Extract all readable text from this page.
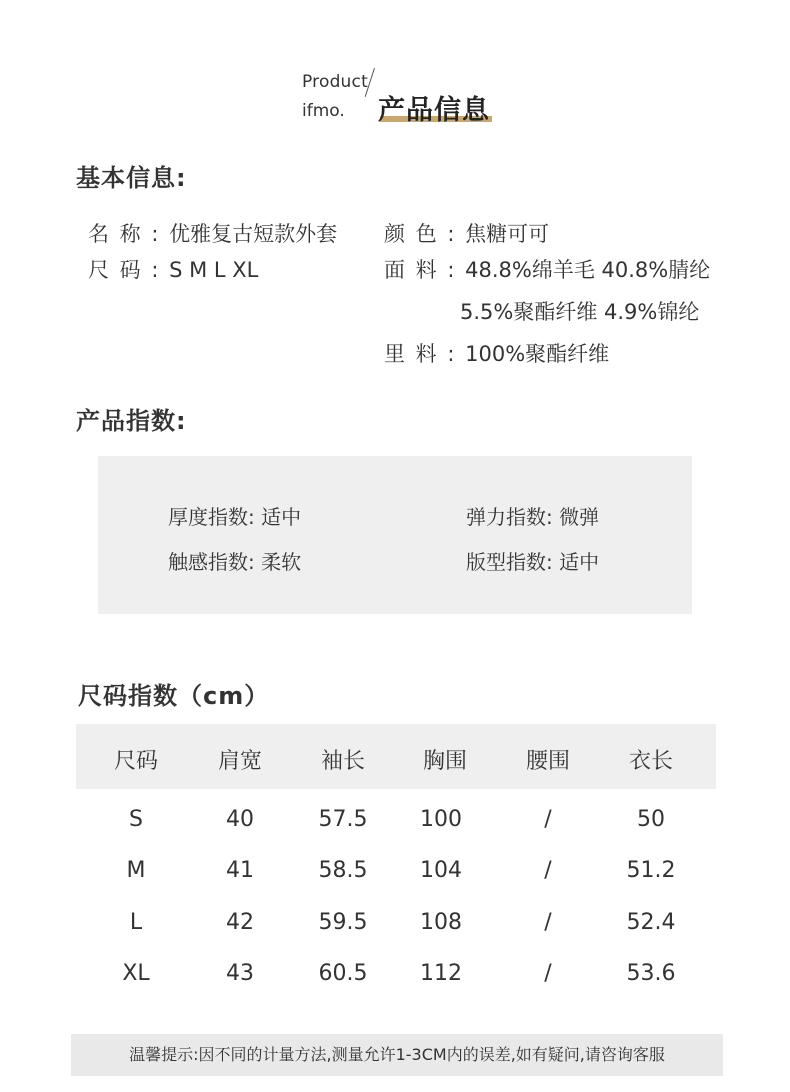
Product
ifmo. 产品信息
基本信息:
名 称 : 优雅复古短款外套
尺 码 : S M L XL
颜 色 : 焦糖可可
面 料 : 48.8%绵羊毛 40.8%腈纶
5.5%聚酯纤维 4.9%锦纶
里 料 : 100%聚酯纤维
产品指数:
厚度指数: 适中	弹力指数: 微弹
触感指数: 柔软	版型指数: 适中
尺码指数（cm）
尺码	肩宽	袖长	胸围	腰围	衣长
S	40	57.5	100	/	50
M	41	58.5	104	/	51.2
L	42	59.5	108	/	52.4
XL	43	60.5	112	/	53.6
温馨提示:因不同的计量方法,测量允许1-3CM内的误差,如有疑问,请咨询客服
